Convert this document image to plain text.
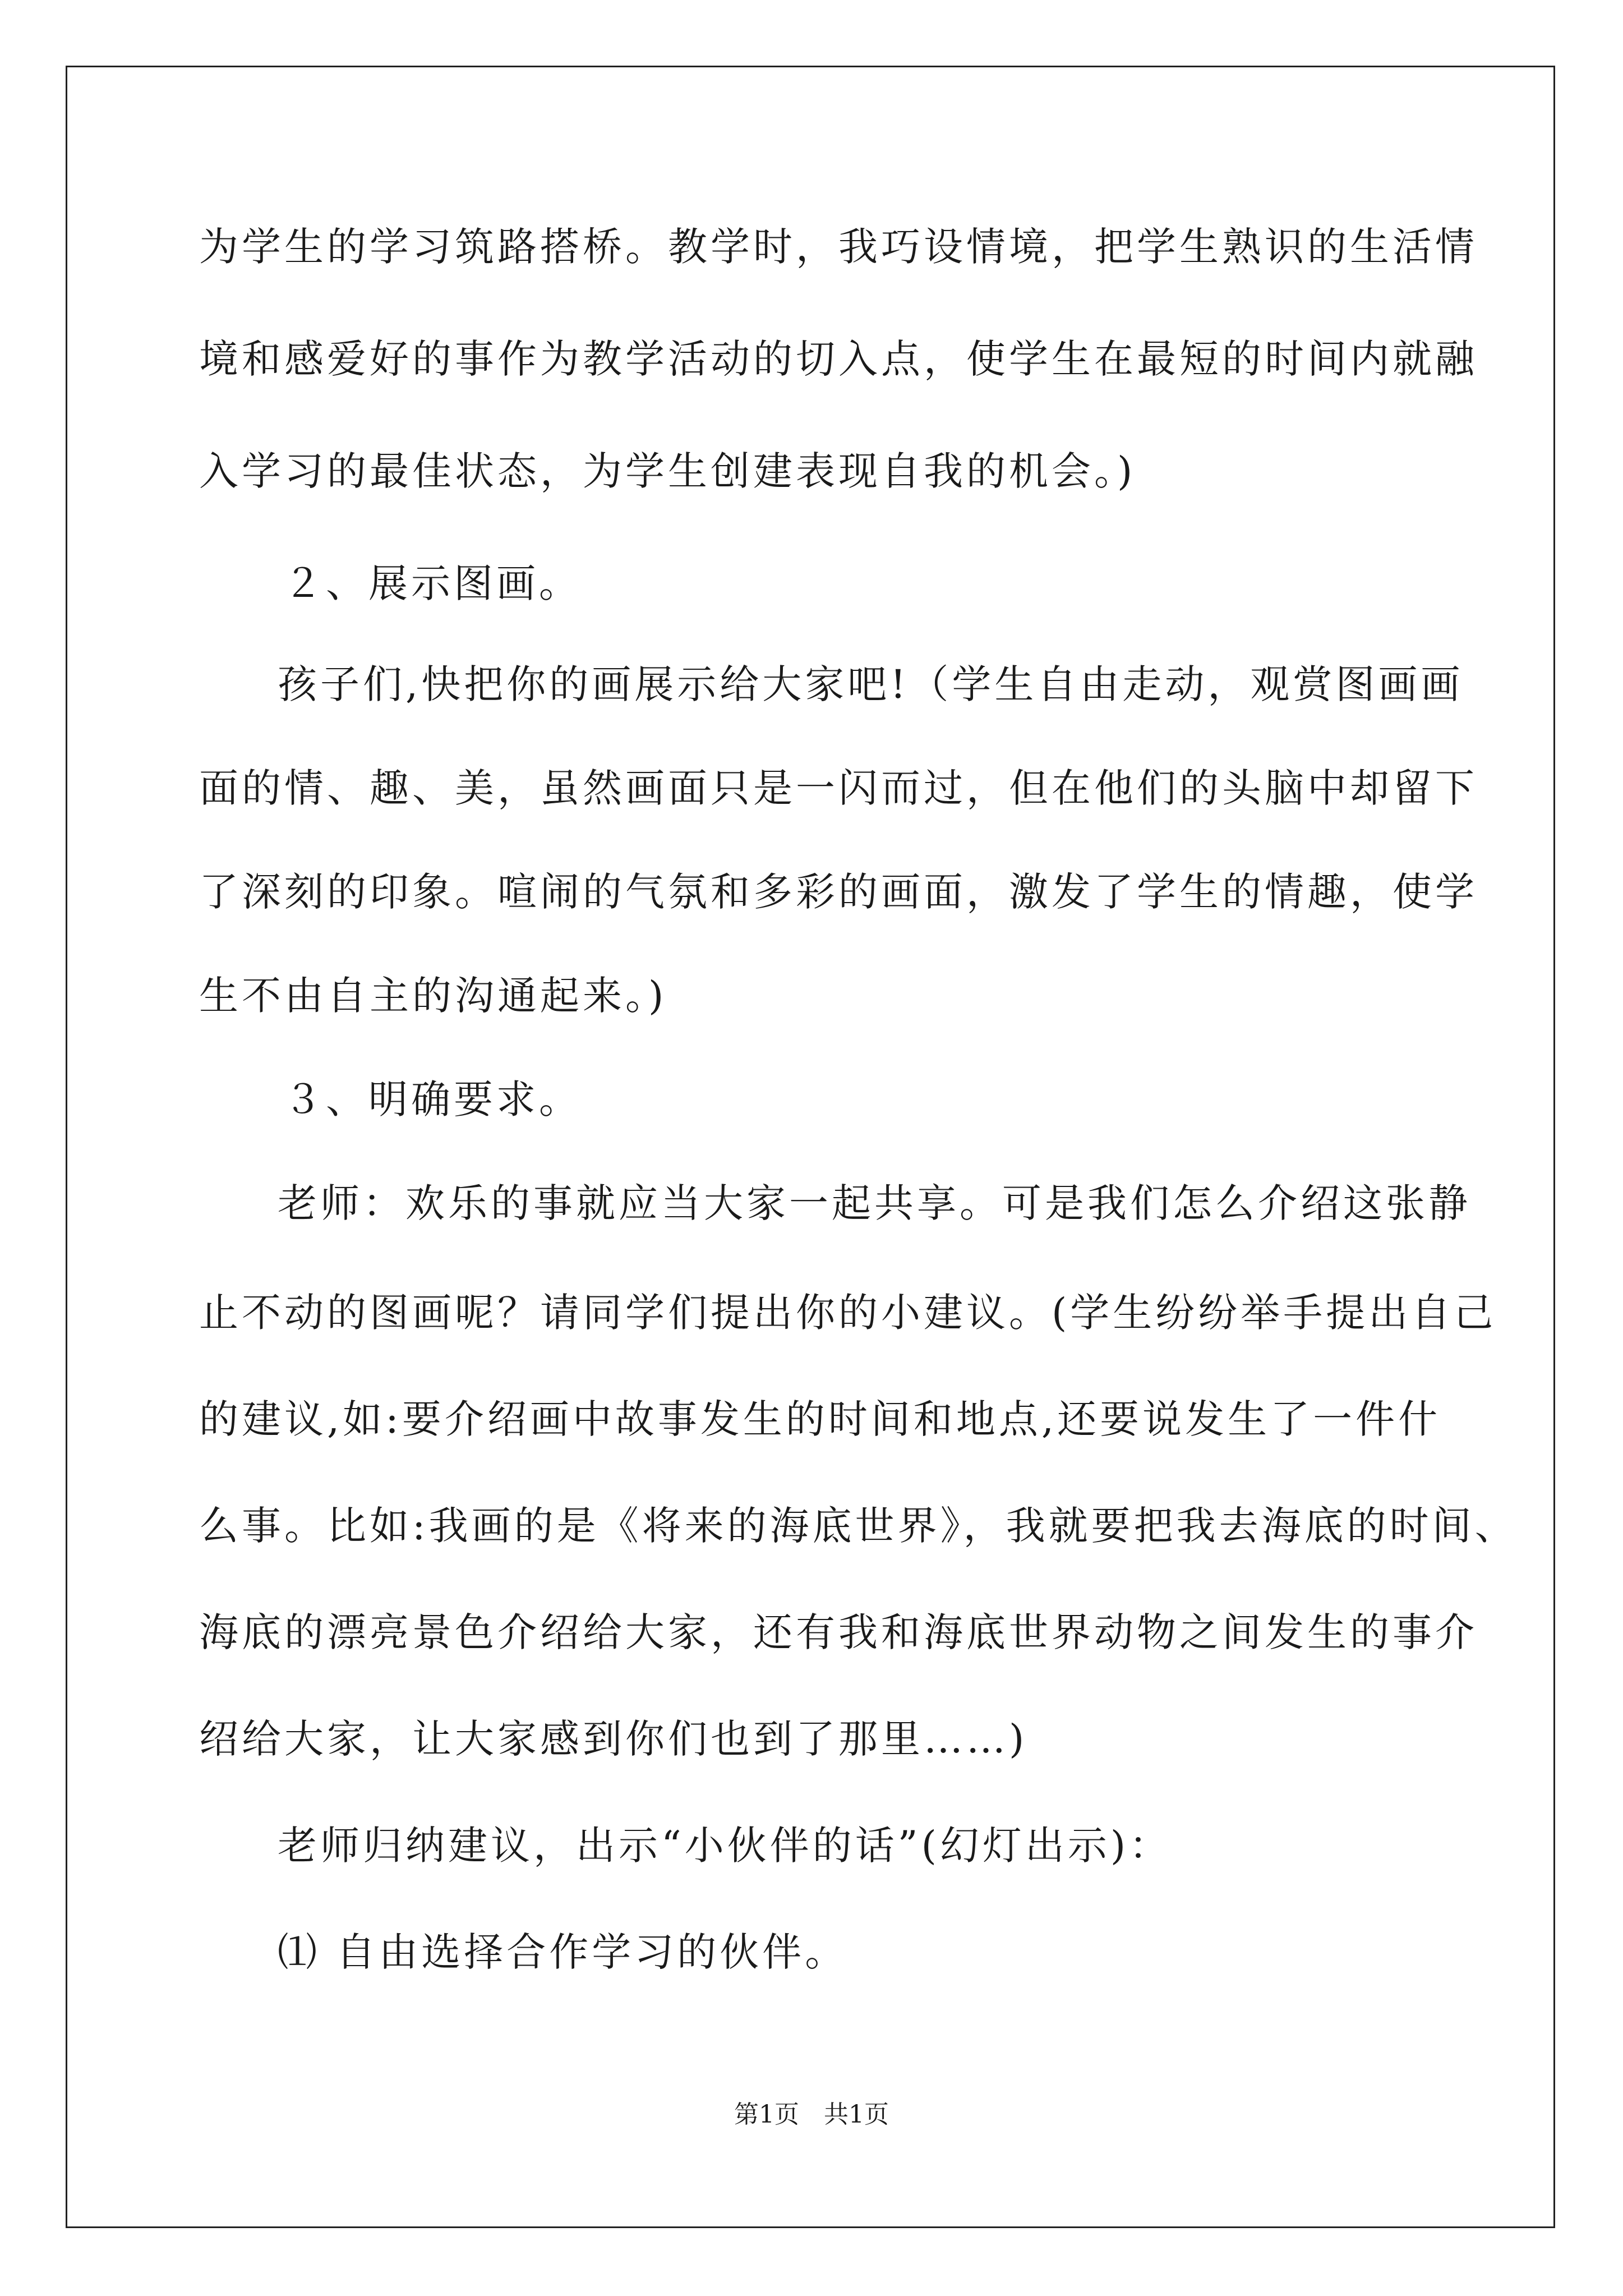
为学生的学习筑路搭桥。教学时，我巧设情境，把学生熟识的生活情

境和感爱好的事作为教学活动的切入点，使学生在最短的时间内就融

入学习的最佳状态，为学生创建表现自我的机会。)

２、展示图画。

孩子们,快把你的画展示给大家吧!（学生自由走动，观赏图画画

面的情、趣、美，虽然画面只是一闪而过，但在他们的头脑中却留下

了深刻的印象。喧闹的气氛和多彩的画面，激发了学生的情趣，使学

生不由自主的沟通起来。)

３、明确要求。

老师：欢乐的事就应当大家一起共享。可是我们怎么介绍这张静

止不动的图画呢？请同学们提出你的小建议。(学生纷纷举手提出自己

的建议,如:要介绍画中故事发生的时间和地点,还要说发生了一件什

么事。比如:我画的是《将来的海底世界》，我就要把我去海底的时间、

海底的漂亮景色介绍给大家，还有我和海底世界动物之间发生的事介

绍给大家，让大家感到你们也到了那里……)

老师归纳建议，出示“小伙伴的话”(幻灯出示)：

⑴ 自由选择合作学习的伙伴。

第1页　共1页
